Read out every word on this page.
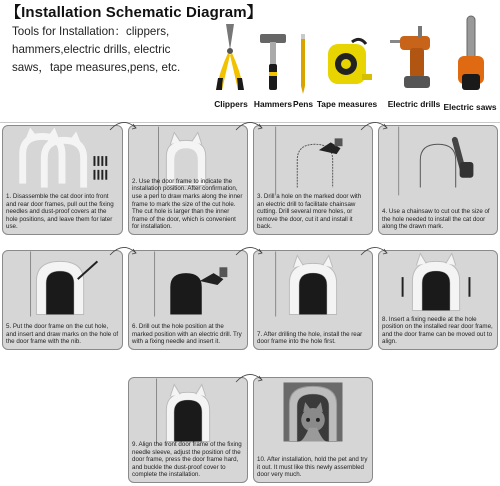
【Installation Schematic Diagram】
Tools for Installation：clippers, hammers,electric drills, electric saws，tape measures,pens, etc.
Clippers Hammers Pens Tape measures	Electric drills Electric saws
1. Disassemble the cat door into front and rear door frames, pull out the fixing needles and dust-proof covers at the hole positions, and leave them for later use.
2. Use the door frame to indicate the installation position. After confirmation, use a pen to draw marks along the inner frame to mark the size of the cut hole. The cut hole is larger than the inner frame of the door, which is convenient for installation.
3. Drill a hole on the marked door with an electric drill to facilitate chainsaw cutting. Drill several more holes, or remove the door, cut it and install it back.
4. Use a chainsaw to cut out the size of the hole needed to install the cat door along the drawn mark.
5. Put the door frame on the cut hole, and insert and draw marks on the hole of the door frame with the nib.
6. Drill out the hole position at the marked position with an electric drill. Try with a fixing needle and insert it.
7. After drilling the hole, install the rear door frame into the hole first.
8. Insert a fixing needle at the hole position on the installed rear door frame, and the door frame can be moved out to align.
9. Align the front door frame of the fixing needle sleeve, adjust the position of the door frame, press the door frame hard, and buckle the dust-proof cover to complete the installation.
10. After installation, hold the pet and try it out. It must like this newly assembled door very much.
